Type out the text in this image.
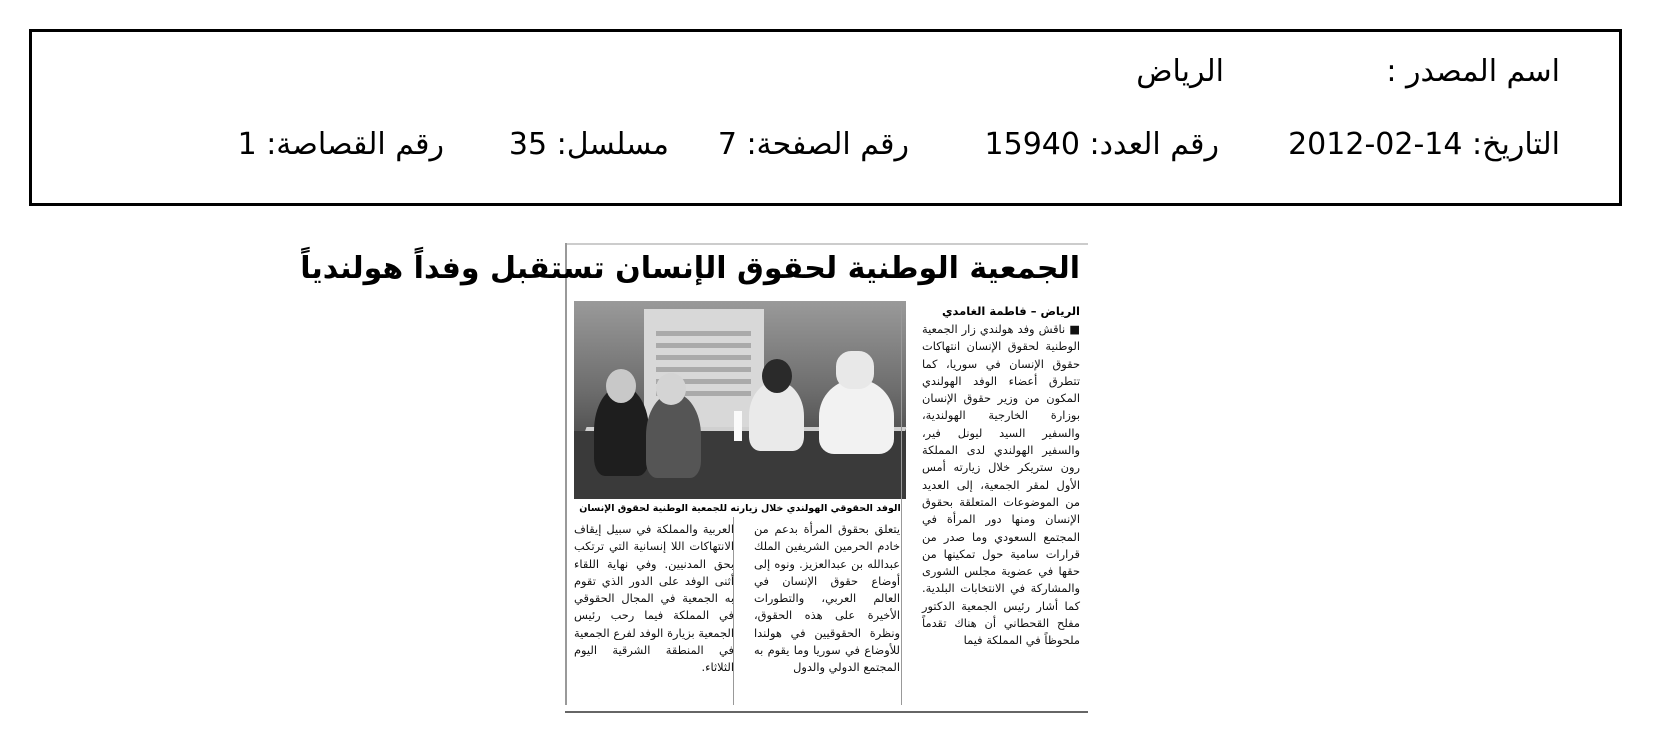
اسم المصدر :
الرياض
التاريخ: 14-02-2012
رقم العدد: 15940
رقم الصفحة: 7
مسلسل: 35
رقم القصاصة: 1
الجمعية الوطنية لحقوق الإنسان تستقبل وفداً هولندياً
الرياض – فاطمة الغامدي
الوفد الحقوقي الهولندي خلال زيارته للجمعية الوطنية لحقوق الإنسان
■ ناقش وفد هولندي زار الجمعية الوطنية لحقوق الإنسان انتهاكات حقوق الإنسان في سوريا، كما تتطرق أعضاء الوفد الهولندي المكون من وزير حقوق الإنسان بوزارة الخارجية الهولندية، والسفير السيد ليونل فير، والسفير الهولندي لدى المملكة رون ستريكر خلال زيارته أمس الأول لمقر الجمعية، إلى العديد من الموضوعات المتعلقة بحقوق الإنسان ومنها دور المرأة في المجتمع السعودي وما صدر من قرارات سامية حول تمكينها من حقها في عضوية مجلس الشورى والمشاركة في الانتخابات البلدية. كما أشار رئيس الجمعية الدكتور مفلح القحطاني أن هناك تقدماً ملحوظاً في المملكة فيما
يتعلق بحقوق المرأة بدعم من خادم الحرمين الشريفين الملك عبدالله بن عبدالعزيز. ونوه إلى أوضاع حقوق الإنسان في العالم العربي، والتطورات الأخيرة على هذه الحقوق، ونظرة الحقوقيين في هولندا للأوضاع في سوريا وما يقوم به المجتمع الدولي والدول
العربية والمملكة في سبيل إيقاف الانتهاكات اللا إنسانية التي ترتكب بحق المدنيين. وفي نهاية اللقاء أثنى الوفد على الدور الذي تقوم به الجمعية في المجال الحقوقي في المملكة فيما رحب رئيس الجمعية بزيارة الوفد لفرع الجمعية في المنطقة الشرقية اليوم الثلاثاء.
